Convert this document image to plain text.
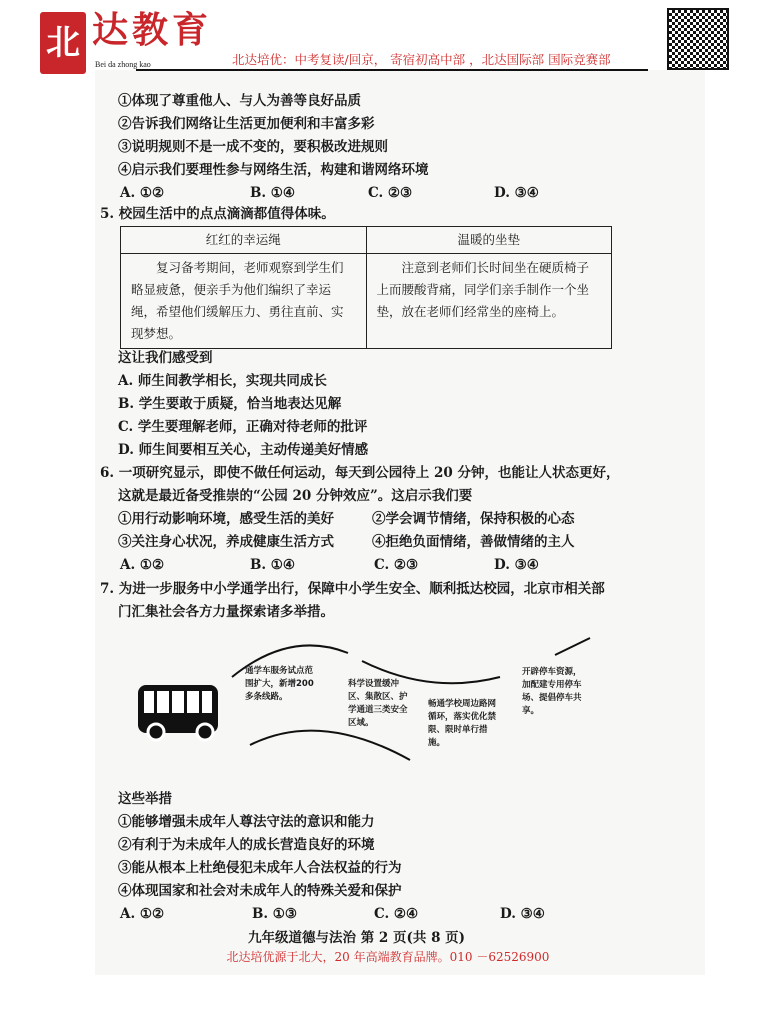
北 达教育
Bei da zhong kao	北达培优：中考复读/回京， 寄宿初高中部 ，北达国际部 国际竞赛部
①体现了尊重他人、与人为善等良好品质
②告诉我们网络让生活更加便利和丰富多彩
③说明规则不是一成不变的，要积极改进规则
④启示我们要理性参与网络生活，构建和谐网络环境
A. ①②	B. ①④	C. ②③	D. ③④
5. 校园生活中的点点滴滴都值得体味。
红红的幸运绳	温暖的坐垫
复习备考期间，老师观察到学生们略显疲惫，便亲手为他们编织了幸运绳，希望他们缓解压力、勇往直前、实现梦想。	注意到老师们长时间坐在硬质椅子上而腰酸背痛，同学们亲手制作一个坐垫，放在老师们经常坐的座椅上。
这让我们感受到
A. 师生间教学相长，实现共同成长
B. 学生要敢于质疑，恰当地表达见解
C. 学生要理解老师，正确对待老师的批评
D. 师生间要相互关心，主动传递美好情感
6. 一项研究显示，即使不做任何运动，每天到公园待上 20 分钟，也能让人状态更好，
这就是最近备受推崇的“公园 20 分钟效应”。这启示我们要
①用行动影响环境，感受生活的美好	②学会调节情绪，保持积极的心态
③关注身心状况，养成健康生活方式	④拒绝负面情绪，善做情绪的主人
A. ①②	B. ①④	C. ②③	D. ③④
7. 为进一步服务中小学通学出行，保障中小学生安全、顺利抵达校园，北京市相关部
门汇集社会各方力量探索诸多举措。
通学车服务试点范围扩大，新增200多条线路。
科学设置缓冲区、集散区、护学通道三类安全区域。
畅通学校周边路网循环，落实优化禁限、限时单行措施。
开辟停车资源，加配建专用停车场、提倡停车共享。
这些举措
①能够增强未成年人尊法守法的意识和能力
②有利于为未成年人的成长营造良好的环境
③能从根本上杜绝侵犯未成年人合法权益的行为
④体现国家和社会对未成年人的特殊关爱和保护
A. ①②	B. ①③	C. ②④	D. ③④
九年级道德与法治 第 2 页(共 8 页)
北达培优源于北大，20 年高端教育品牌。010 －62526900
